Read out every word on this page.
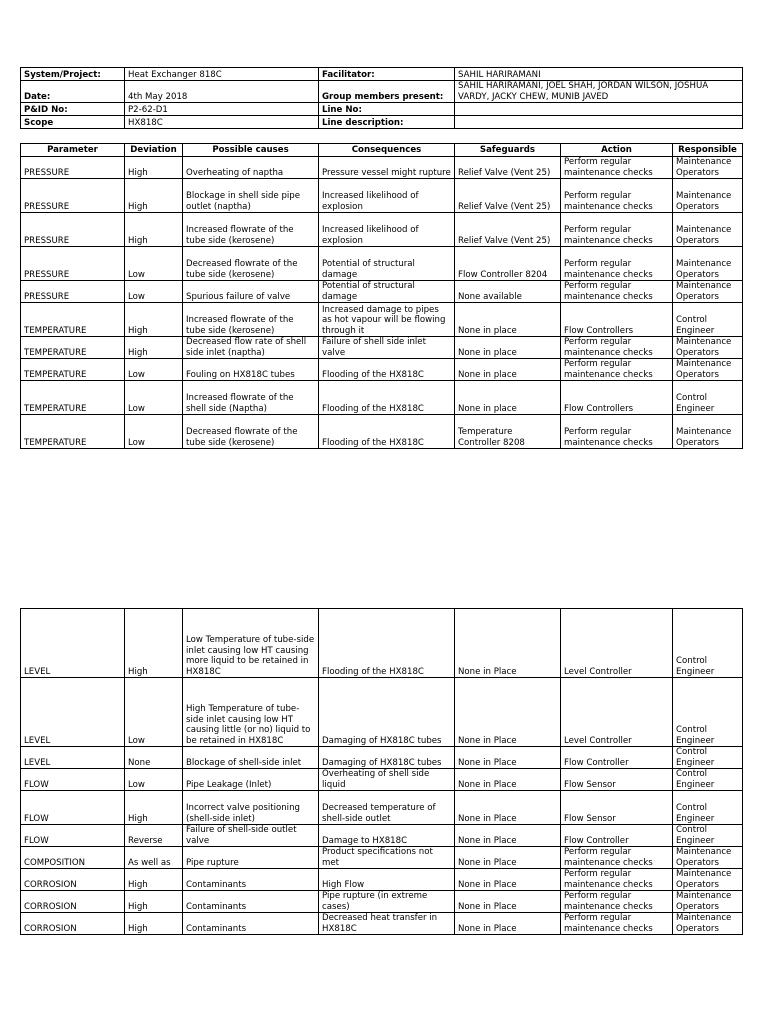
System/Project:	Heat Exchanger 818C	Facilitator:	SAHIL HARIRAMANI
Date:	4th May 2018	Group members present:	SAHIL HARIRAMANI, JOEL SHAH, JORDAN WILSON, JOSHUA VARDY, JACKY CHEW, MUNIB JAVED
P&ID No:	P2-62-D1	Line No:	
Scope	HX818C	Line description:	
Parameter	Deviation	Possible causes	Consequences	Safeguards	Action	Responsible
PRESSURE	High	Overheating of naptha	Pressure vessel might rupture	Relief Valve (Vent 25)	Perform regular maintenance checks	Maintenance Operators
PRESSURE	High	Blockage in shell side pipe outlet (naptha)	Increased likelihood of explosion	Relief Valve (Vent 25)	Perform regular maintenance checks	Maintenance Operators
PRESSURE	High	Increased flowrate of the tube side (kerosene)	Increased likelihood of explosion	Relief Valve (Vent 25)	Perform regular maintenance checks	Maintenance Operators
PRESSURE	Low	Decreased flowrate of the tube side (kerosene)	Potential of structural damage	Flow Controller 8204	Perform regular maintenance checks	Maintenance Operators
PRESSURE	Low	Spurious failure of valve	Potential of structural damage	None available	Perform regular maintenance checks	Maintenance Operators
TEMPERATURE	High	Increased flowrate of the tube side (kerosene)	Increased damage to pipes as hot vapour will be flowing through it	None in place	Flow Controllers	Control Engineer
TEMPERATURE	High	Decreased flow rate of shell side inlet (naptha)	Failure of shell side inlet valve	None in place	Perform regular maintenance checks	Maintenance Operators
TEMPERATURE	Low	Fouling on HX818C tubes	Flooding of the HX818C	None in place	Perform regular maintenance checks	Maintenance Operators
TEMPERATURE	Low	Increased flowrate of the shell side (Naptha)	Flooding of the HX818C	None in place	Flow Controllers	Control Engineer
TEMPERATURE	Low	Decreased flowrate of the tube side (kerosene)	Flooding of the HX818C	Temperature Controller 8208	Perform regular maintenance checks	Maintenance Operators
LEVEL	High	Low Temperature of tube-side inlet causing low HT causing more liquid to be retained in HX818C	Flooding of the HX818C	None in Place	Level Controller	Control Engineer
LEVEL	Low	High Temperature of tube-side inlet causing low HT causing little (or no) liquid to be retained in HX818C	Damaging of HX818C tubes	None in Place	Level Controller	Control Engineer
LEVEL	None	Blockage of shell-side inlet	Damaging of HX818C tubes	None in Place	Flow Controller	Control Engineer
FLOW	Low	Pipe Leakage (Inlet)	Overheating of shell side liquid	None in Place	Flow Sensor	Control Engineer
FLOW	High	Incorrect valve positioning (shell-side inlet)	Decreased temperature of shell-side outlet	None in Place	Flow Sensor	Control Engineer
FLOW	Reverse	Failure of shell-side outlet valve	Damage to HX818C	None in Place	Flow Controller	Control Engineer
COMPOSITION	As well as	Pipe rupture	Product specifications not met	None in Place	Perform regular maintenance checks	Maintenance Operators
CORROSION	High	Contaminants	High Flow	None in Place	Perform regular maintenance checks	Maintenance Operators
CORROSION	High	Contaminants	Pipe rupture (in extreme cases)	None in Place	Perform regular maintenance checks	Maintenance Operators
CORROSION	High	Contaminants	Decreased heat transfer in HX818C	None in Place	Perform regular maintenance checks	Maintenance Operators
